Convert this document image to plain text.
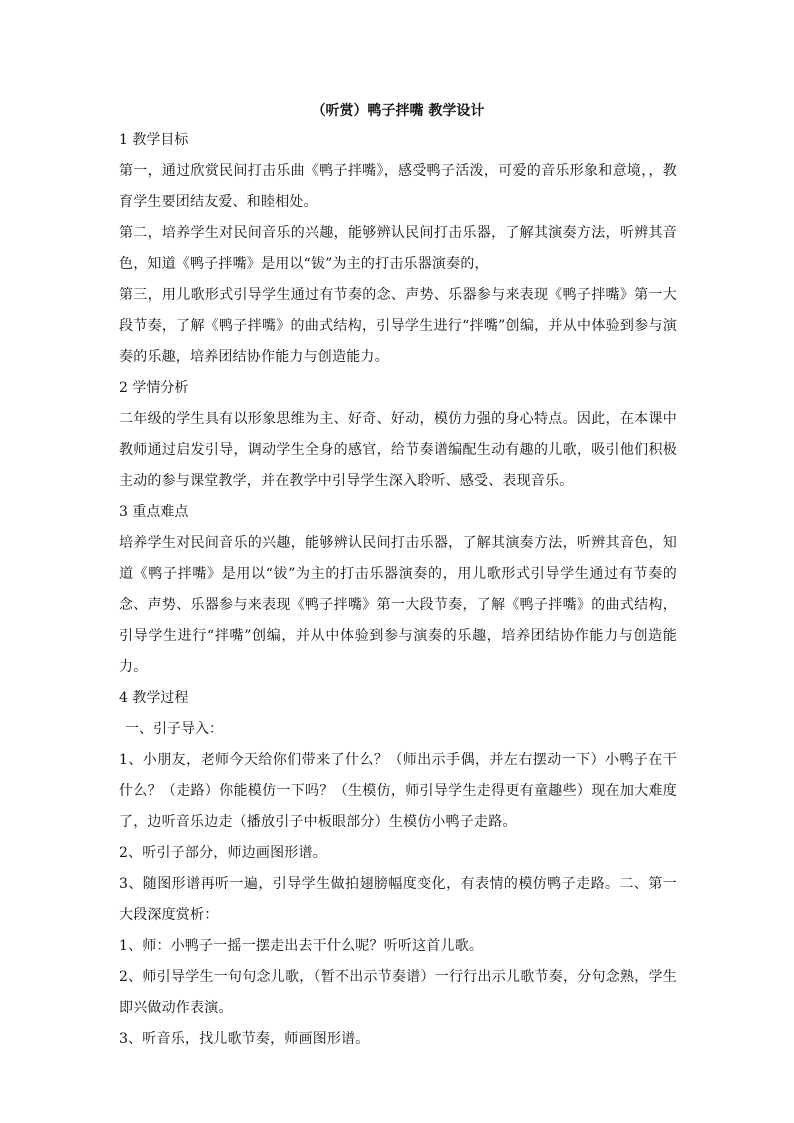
（听赏）鸭子拌嘴 教学设计

1 教学目标

第一，通过欣赏民间打击乐曲《鸭子拌嘴》，感受鸭子活泼，可爱的音乐形象和意境，，教育学生要团结友爱、和睦相处。

第二，培养学生对民间音乐的兴趣，能够辨认民间打击乐器，了解其演奏方法，听辨其音色，知道《鸭子拌嘴》是用以“钹”为主的打击乐器演奏的，

第三，用儿歌形式引导学生通过有节奏的念、声势、乐器参与来表现《鸭子拌嘴》第一大段节奏，了解《鸭子拌嘴》的曲式结构，引导学生进行“拌嘴”创编，并从中体验到参与演奏的乐趣，培养团结协作能力与创造能力。

2 学情分析

二年级的学生具有以形象思维为主、好奇、好动，模仿力强的身心特点。因此，在本课中教师通过启发引导，调动学生全身的感官，给节奏谱编配生动有趣的儿歌，吸引他们积极主动的参与课堂教学，并在教学中引导学生深入聆听、感受、表现音乐。

3 重点难点

培养学生对民间音乐的兴趣，能够辨认民间打击乐器，了解其演奏方法，听辨其音色，知道《鸭子拌嘴》是用以“钹”为主的打击乐器演奏的，用儿歌形式引导学生通过有节奏的念、声势、乐器参与来表现《鸭子拌嘴》第一大段节奏，了解《鸭子拌嘴》的曲式结构，引导学生进行“拌嘴”创编，并从中体验到参与演奏的乐趣，培养团结协作能力与创造能力。

4 教学过程

一、引子导入：

1、小朋友，老师今天给你们带来了什么？（师出示手偶，并左右摆动一下）小鸭子在干什么？（走路）你能模仿一下吗？（生模仿，师引导学生走得更有童趣些）现在加大难度了，边听音乐边走（播放引子中板眼部分）生模仿小鸭子走路。

2、听引子部分，师边画图形谱。

3、随图形谱再听一遍，引导学生做拍翅膀幅度变化，有表情的模仿鸭子走路。二、第一大段深度赏析：

1、师：小鸭子一摇一摆走出去干什么呢？听听这首儿歌。

2、师引导学生一句句念儿歌，（暂不出示节奏谱）一行行出示儿歌节奏，分句念熟，学生即兴做动作表演。

3、听音乐，找儿歌节奏，师画图形谱。
